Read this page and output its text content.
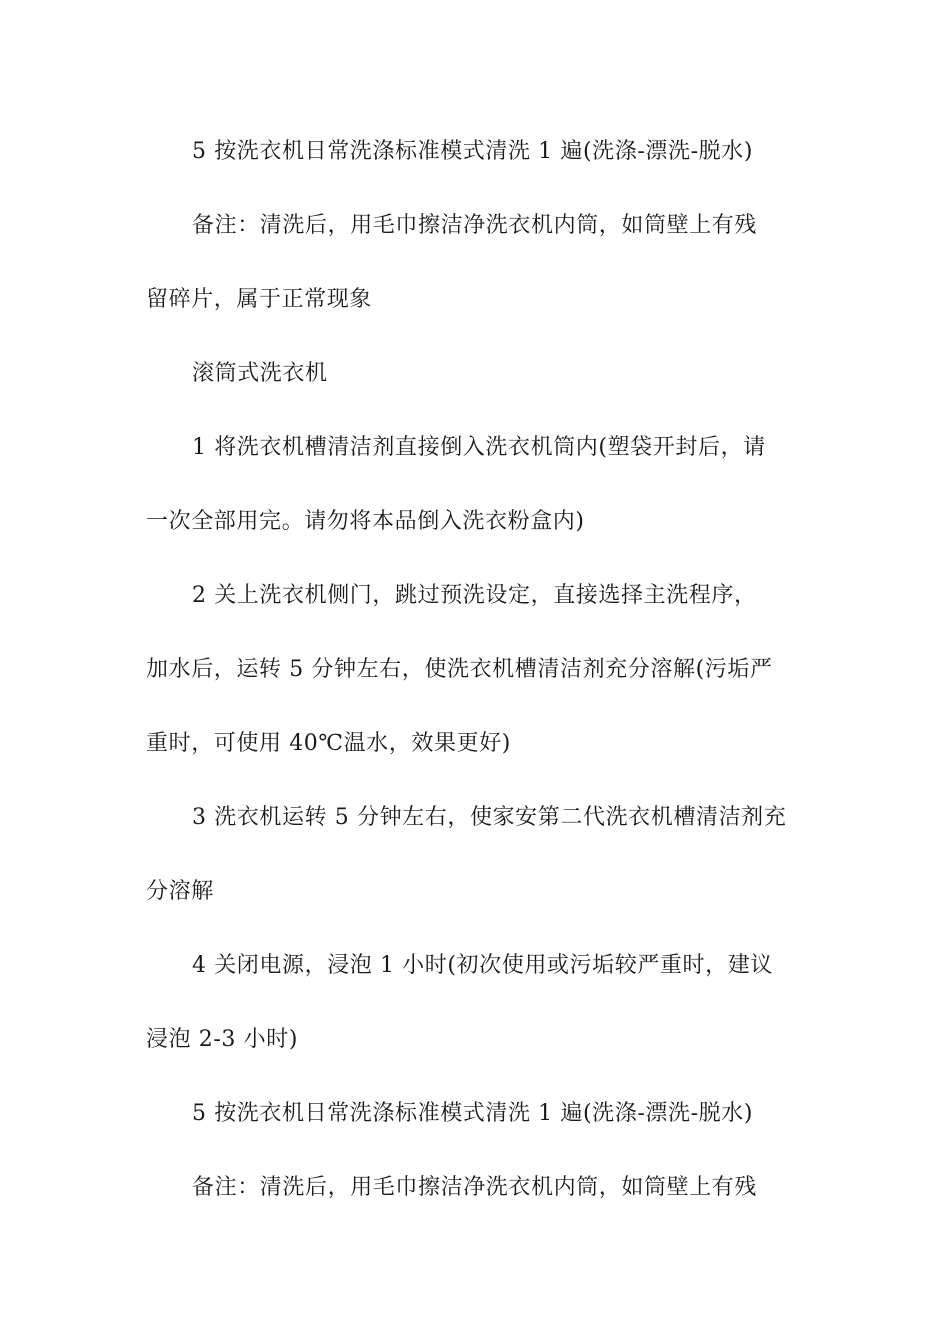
5 按洗衣机日常洗涤标准模式清洗 1 遍(洗涤-漂洗-脱水)
备注：清洗后，用毛巾擦洁净洗衣机内筒，如筒壁上有残
留碎片，属于正常现象
滚筒式洗衣机
1 将洗衣机槽清洁剂直接倒入洗衣机筒内(塑袋开封后，请
一次全部用完。请勿将本品倒入洗衣粉盒内)
2 关上洗衣机侧门，跳过预洗设定，直接选择主洗程序，
加水后，运转 5 分钟左右，使洗衣机槽清洁剂充分溶解(污垢严
重时，可使用 40℃温水，效果更好)
3 洗衣机运转 5 分钟左右，使家安第二代洗衣机槽清洁剂充
分溶解
4 关闭电源，浸泡 1 小时(初次使用或污垢较严重时，建议
浸泡 2-3 小时)
5 按洗衣机日常洗涤标准模式清洗 1 遍(洗涤-漂洗-脱水)
备注：清洗后，用毛巾擦洁净洗衣机内筒，如筒壁上有残
